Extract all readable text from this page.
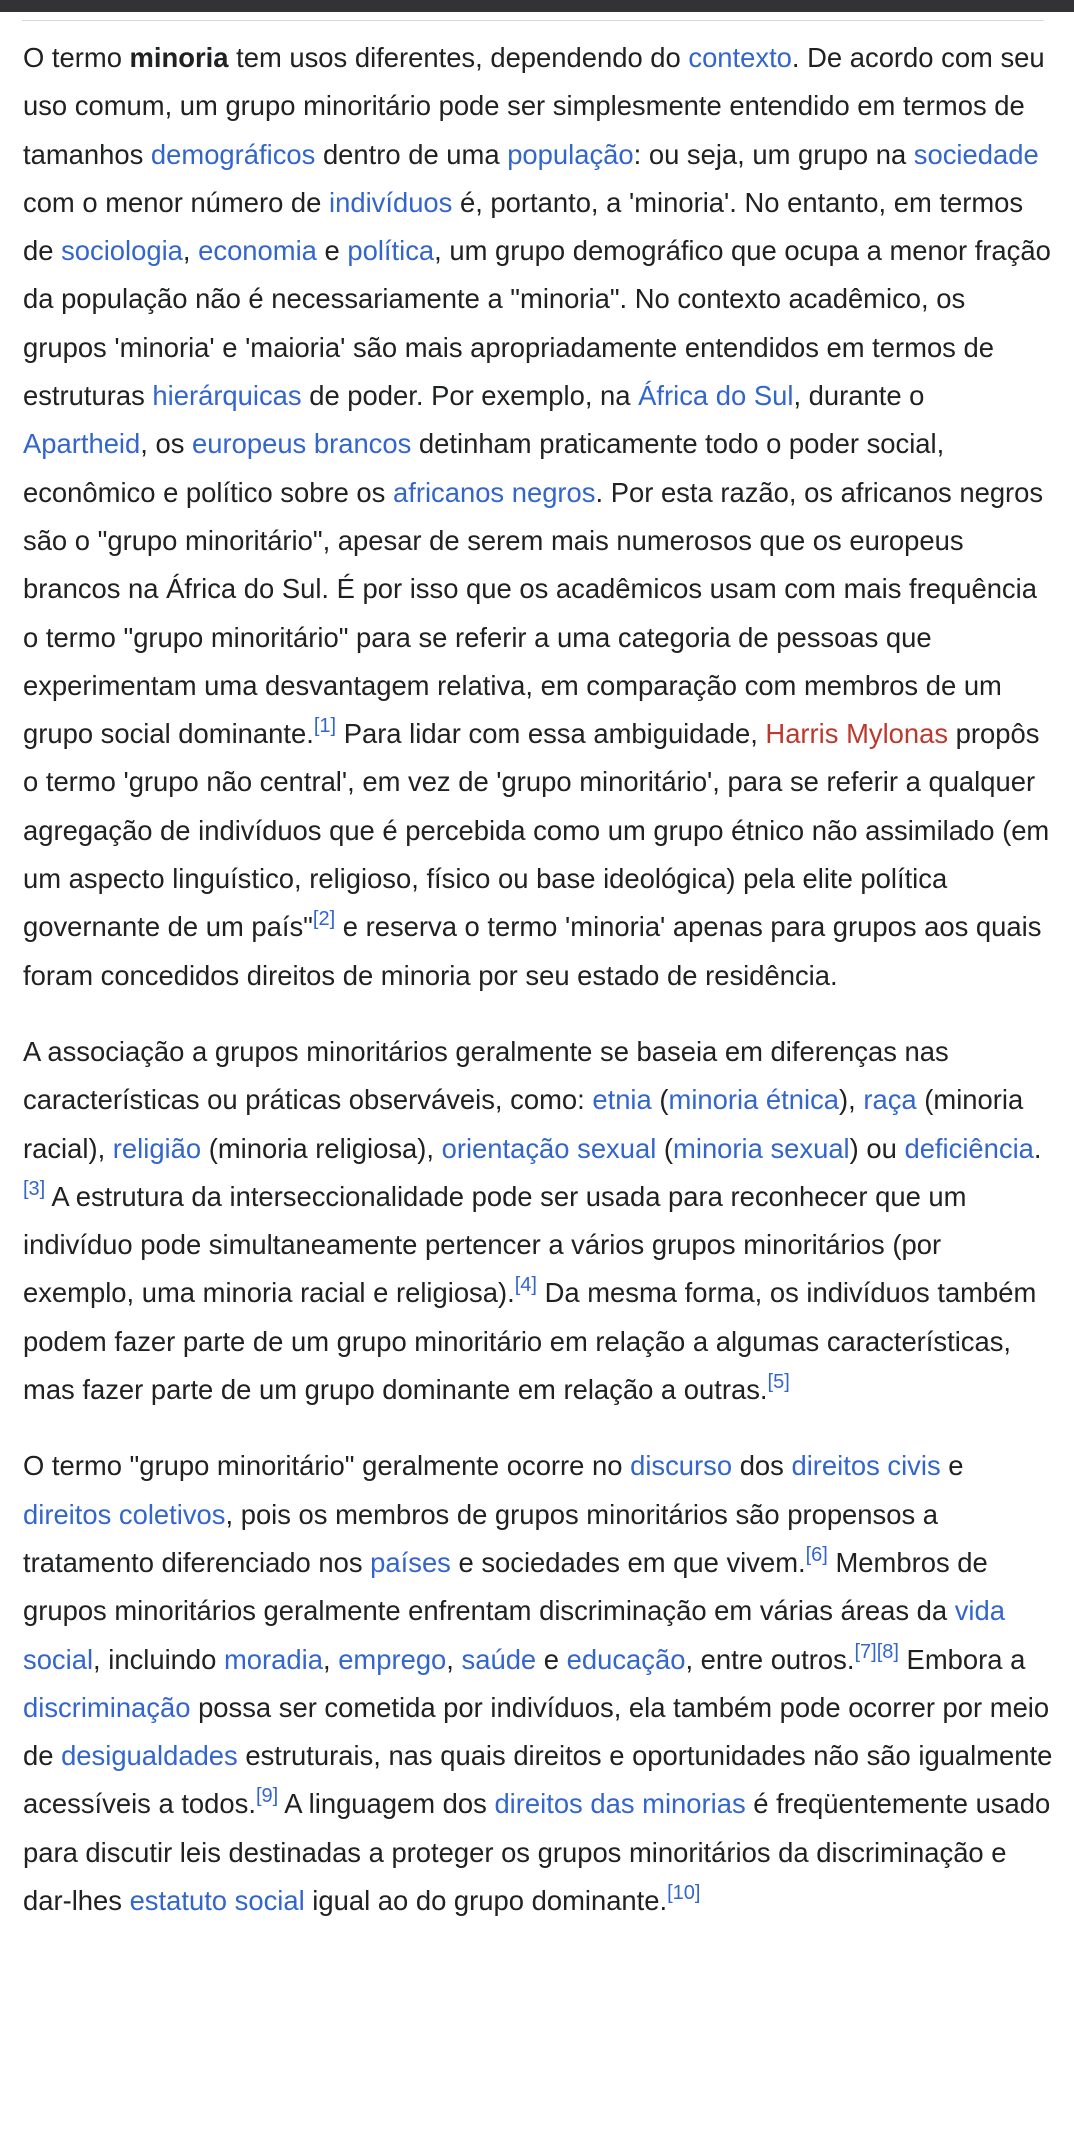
O termo minoria tem usos diferentes, dependendo do contexto. De acordo com seu uso comum, um grupo minoritário pode ser simplesmente entendido em termos de tamanhos demográficos dentro de uma população: ou seja, um grupo na sociedade com o menor número de indivíduos é, portanto, a 'minoria'. No entanto, em termos de sociologia, economia e política, um grupo demográfico que ocupa a menor fração da população não é necessariamente a "minoria". No contexto acadêmico, os grupos 'minoria' e 'maioria' são mais apropriadamente entendidos em termos de estruturas hierárquicas de poder. Por exemplo, na África do Sul, durante o Apartheid, os europeus brancos detinham praticamente todo o poder social, econômico e político sobre os africanos negros. Por esta razão, os africanos negros são o "grupo minoritário", apesar de serem mais numerosos que os europeus brancos na África do Sul. É por isso que os acadêmicos usam com mais frequência o termo "grupo minoritário" para se referir a uma categoria de pessoas que experimentam uma desvantagem relativa, em comparação com membros de um grupo social dominante.[1] Para lidar com essa ambiguidade, Harris Mylonas propôs o termo 'grupo não central', em vez de 'grupo minoritário', para se referir a qualquer agregação de indivíduos que é percebida como um grupo étnico não assimilado (em um aspecto linguístico, religioso, físico ou base ideológica) pela elite política governante de um país"[2] e reserva o termo 'minoria' apenas para grupos aos quais foram concedidos direitos de minoria por seu estado de residência.

A associação a grupos minoritários geralmente se baseia em diferenças nas características ou práticas observáveis, como: etnia (minoria étnica), raça (minoria racial), religião (minoria religiosa), orientação sexual (minoria sexual) ou deficiência.[3] A estrutura da interseccionalidade pode ser usada para reconhecer que um indivíduo pode simultaneamente pertencer a vários grupos minoritários (por exemplo, uma minoria racial e religiosa).[4] Da mesma forma, os indivíduos também podem fazer parte de um grupo minoritário em relação a algumas características, mas fazer parte de um grupo dominante em relação a outras.[5]

O termo "grupo minoritário" geralmente ocorre no discurso dos direitos civis e direitos coletivos, pois os membros de grupos minoritários são propensos a tratamento diferenciado nos países e sociedades em que vivem.[6] Membros de grupos minoritários geralmente enfrentam discriminação em várias áreas da vida social, incluindo moradia, emprego, saúde e educação, entre outros.[7][8] Embora a discriminação possa ser cometida por indivíduos, ela também pode ocorrer por meio de desigualdades estruturais, nas quais direitos e oportunidades não são igualmente acessíveis a todos.[9] A linguagem dos direitos das minorias é freqüentemente usado para discutir leis destinadas a proteger os grupos minoritários da discriminação e dar-lhes estatuto social igual ao do grupo dominante.[10]
